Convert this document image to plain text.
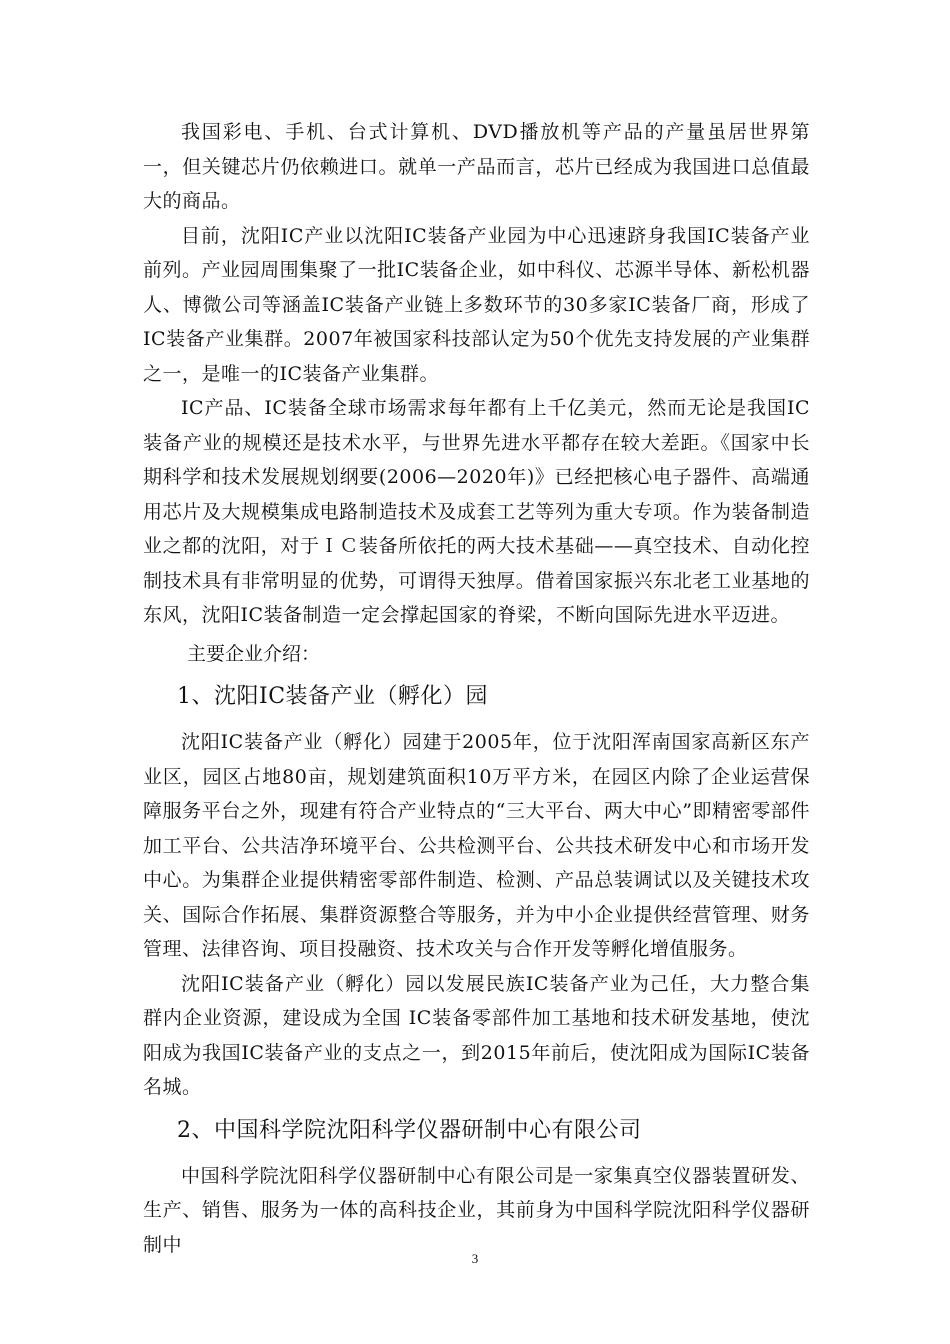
我国彩电、手机、台式计算机、DVD播放机等产品的产量虽居世界第一，但关键芯片仍依赖进口。就单一产品而言，芯片已经成为我国进口总值最大的商品。

目前，沈阳IC产业以沈阳IC装备产业园为中心迅速跻身我国IC装备产业前列。产业园周围集聚了一批IC装备企业，如中科仪、芯源半导体、新松机器人、博微公司等涵盖IC装备产业链上多数环节的30多家IC装备厂商，形成了IC装备产业集群。2007年被国家科技部认定为50个优先支持发展的产业集群之一，是唯一的IC装备产业集群。

IC产品、IC装备全球市场需求每年都有上千亿美元，然而无论是我国IC装备产业的规模还是技术水平，与世界先进水平都存在较大差距。《国家中长期科学和技术发展规划纲要(2006—2020年)》已经把核心电子器件、高端通用芯片及大规模集成电路制造技术及成套工艺等列为重大专项。作为装备制造业之都的沈阳，对于ＩＣ装备所依托的两大技术基础——真空技术、自动化控制技术具有非常明显的优势，可谓得天独厚。借着国家振兴东北老工业基地的东风，沈阳IC装备制造一定会撑起国家的脊梁，不断向国际先进水平迈进。

主要企业介绍：

1、沈阳IC装备产业（孵化）园

沈阳IC装备产业（孵化）园建于2005年，位于沈阳浑南国家高新区东产业区，园区占地80亩，规划建筑面积10万平方米，在园区内除了企业运营保障服务平台之外，现建有符合产业特点的“三大平台、两大中心”即精密零部件加工平台、公共洁净环境平台、公共检测平台、公共技术研发中心和市场开发中心。为集群企业提供精密零部件制造、检测、产品总装调试以及关键技术攻关、国际合作拓展、集群资源整合等服务，并为中小企业提供经营管理、财务管理、法律咨询、项目投融资、技术攻关与合作开发等孵化增值服务。

沈阳IC装备产业（孵化）园以发展民族IC装备产业为己任，大力整合集群内企业资源，建设成为全国 IC装备零部件加工基地和技术研发基地，使沈阳成为我国IC装备产业的支点之一，到2015年前后，使沈阳成为国际IC装备名城。

2、中国科学院沈阳科学仪器研制中心有限公司

中国科学院沈阳科学仪器研制中心有限公司是一家集真空仪器装置研发、生产、销售、服务为一体的高科技企业，其前身为中国科学院沈阳科学仪器研制中

3
